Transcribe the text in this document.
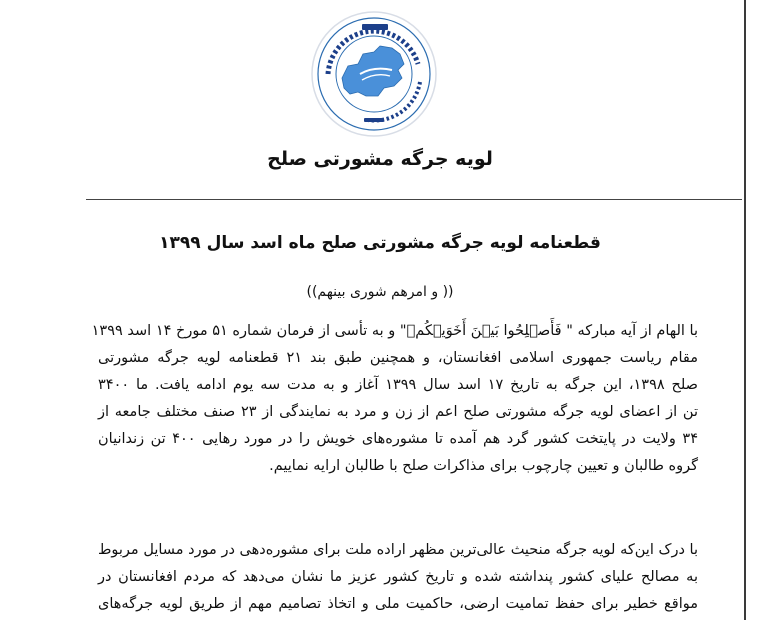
لویه جرگه مشورتی صلح
قطعنامه لویه جرگه مشورتی صلح ماه اسد سال ۱۳۹۹
(( و امرهم شوری بینهم))
با الهام از آیه مبارکه " فَأَصۡلِحُوا بَیۡنَ أَخَوَیۡكُمۡ" و به تأسی از فرمان شماره ۵۱ مورخ ۱۴ اسد ۱۳۹۹
مقام ریاست جمهوری اسلامی افغانستان، و همچنین طبق بند ۲۱ قطعنامه لویه جرگه مشورتی
صلح ۱۳۹۸، این جرگه به تاریخ ۱۷ اسد سال ۱۳۹۹ آغاز و به مدت سه یوم ادامه یافت. ما ۳۴۰۰
تن از اعضای لویه جرگه مشورتی صلح اعم از زن و مرد به نمایندگی از ۲۳ صنف مختلف جامعه از
۳۴ ولایت در پایتخت کشور گرد هم آمده تا مشوره‌های خویش را در مورد رهایی ۴۰۰ تن زندانیان
گروه طالبان و تعیین چارچوب برای مذاکرات صلح با طالبان ارایه نماییم.
با درک این‌که لویه جرگه منحیث عالی‌ترین مظهر اراده ملت برای مشوره‌دهی در مورد مسایل مربوط
به مصالح علیای کشور پنداشته شده و تاریخ کشور عزیز ما نشان می‌دهد که مردم افغانستان در
مواقع خطیر برای حفظ تمامیت ارضی، حاکمیت ملی و اتخاذ تصامیم مهم از طریق لویه جرگه‌های
